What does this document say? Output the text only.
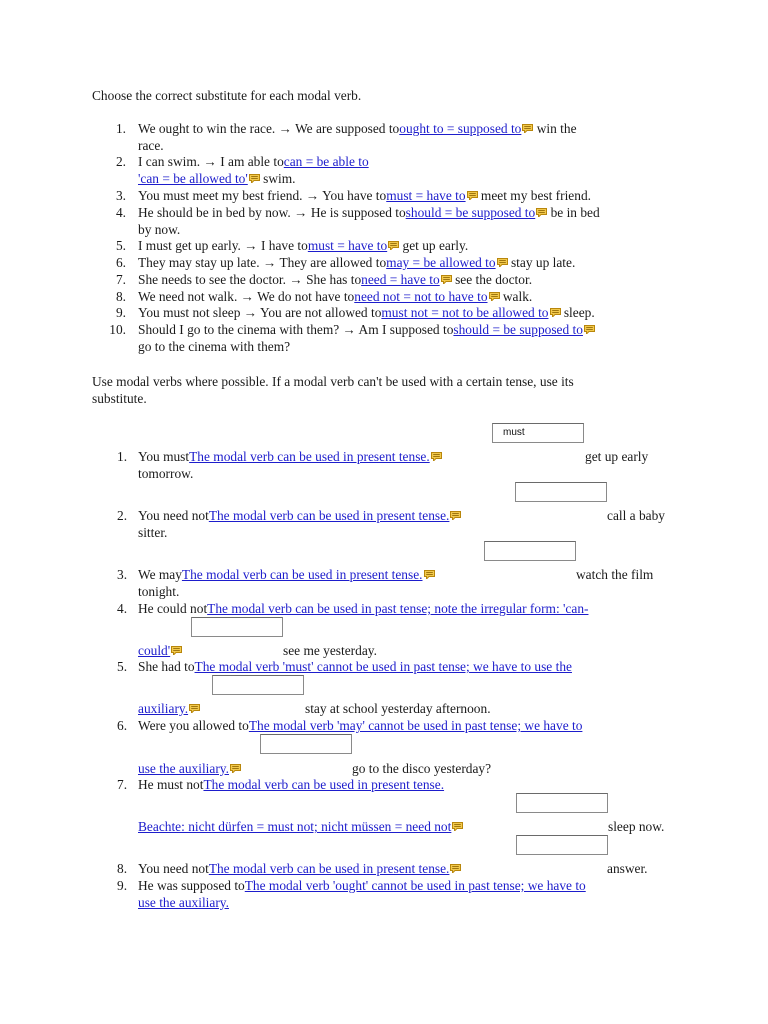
Choose the correct substitute for each modal verb.
1. We ought to win the race. → We are supposed toought to = supposed to
win the
race.
2. I can swim. → I am able tocan = be able to
'can = be allowed to'
swim.
3. You must meet my best friend. → You have tomust = have to
meet my best friend.
4. He should be in bed by now. → He is supposed toshould = be supposed to
be in bed
by now.
5. I must get up early. → I have tomust = have to
get up early.
6. They may stay up late. → They are allowed tomay = be allowed to
stay up late.
7. She needs to see the doctor. → She has toneed = have to
see the doctor.
8. We need not walk. → We do not have toneed not = not to have to
walk.
9. You must not sleep → You are not allowed tomust not = not to be allowed to
sleep.
10. Should I go to the cinema with them? → Am I supposed toshould = be supposed to
go to the cinema with them?
Use modal verbs where possible. If a modal verb can't be used with a certain tense, use its
substitute.
must
1. You mustThe modal verb can be used in present tense.	get up early
tomorrow.
2. You need notThe modal verb can be used in present tense.	call a baby
sitter.
3. We mayThe modal verb can be used in present tense.	watch the film
tonight.
4. He could notThe modal verb can be used in past tense; note the irregular form: 'can-
could'	see me yesterday.
5. She had toThe modal verb 'must' cannot be used in past tense; we have to use the
auxiliary.	stay at school yesterday afternoon.
6. Were you allowed toThe modal verb 'may' cannot be used in past tense; we have to
use the auxiliary.	go to the disco yesterday?
7. He must notThe modal verb can be used in present tense.
Beachte: nicht dürfen = must not; nicht müssen = need not	sleep now.
8. You need notThe modal verb can be used in present tense.	answer.
9. He was supposed toThe modal verb 'ought' cannot be used in past tense; we have to
use the auxiliary.
